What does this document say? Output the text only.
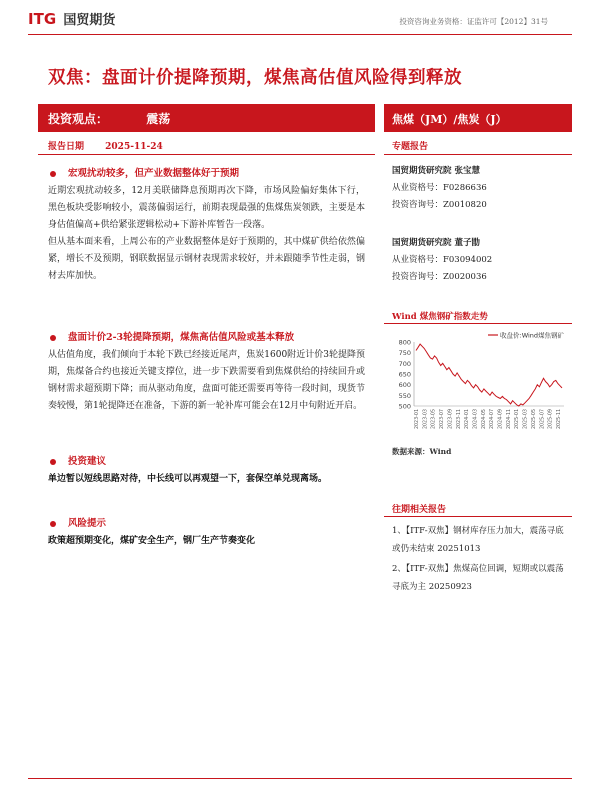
ITG 国贸期货	投资咨询业务资格：证监许可【2012】31号
双焦：盘面计价提降预期，煤焦高估值风险得到释放
投资观点：	震荡
报告日期 2025-11-24
宏观扰动较多，但产业数据整体好于预期

近期宏观扰动较多，12月美联储降息预期再次下降，市场风险偏好集体下行，黑色板块受影响较小，震荡偏弱运行，前期表现最强的焦煤焦炭领跌，主要是本身估值偏高+供给紧张逻辑松动+下游补库暂告一段落。

但从基本面来看，上周公布的产业数据整体是好于预期的，其中煤矿供给依然偏紧，增长不及预期，钢联数据显示钢材表现需求较好，并未跟随季节性走弱，钢材去库加快。

盘面计价2-3轮提降预期，煤焦高估值风险或基本释放

从估值角度，我们倾向于本轮下跌已经接近尾声，焦炭1600附近计价3轮提降预期，焦煤备合约也接近关键支撑位，进一步下跌需要看到焦煤供给的持续回升或钢材需求超预期下降；而从驱动角度，盘面可能还需要再等待一段时间，现货节奏较慢，第1轮提降还在准备，下游的新一轮补库可能会在12月中旬附近开启。

投资建议

单边暂以短线思路对待，中长线可以再观望一下，套保空单兑现离场。

风险提示

政策超预期变化，煤矿安全生产，钢厂生产节奏变化

焦煤（JM）/焦炭（J）
专题报告
国贸期货研究院 张宝慧
从业资格号：F0286636
投资咨询号：Z0010820
国贸期货研究院 董子勖
从业资格号：F03094002
投资咨询号：Z0020036
Wind 煤焦钢矿指数走势
800
750
700
650
600
550
500
2023-01 2023-03 2023-05 2023-07 2023-09 2023-11 2024-01 2024-03 2024-05 2024-07 2024-09 2024-11 2025-01 2025-03 2025-05 2025-07 2025-09 2025-11
收盘价:Wind煤焦钢矿
数据来源：Wind
往期相关报告
1、【ITF-双焦】钢材库存压力加大，震荡寻底或仍未结束 20251013
2、【ITF-双焦】焦煤高位回调，短期或以震荡寻底为主 20250923
